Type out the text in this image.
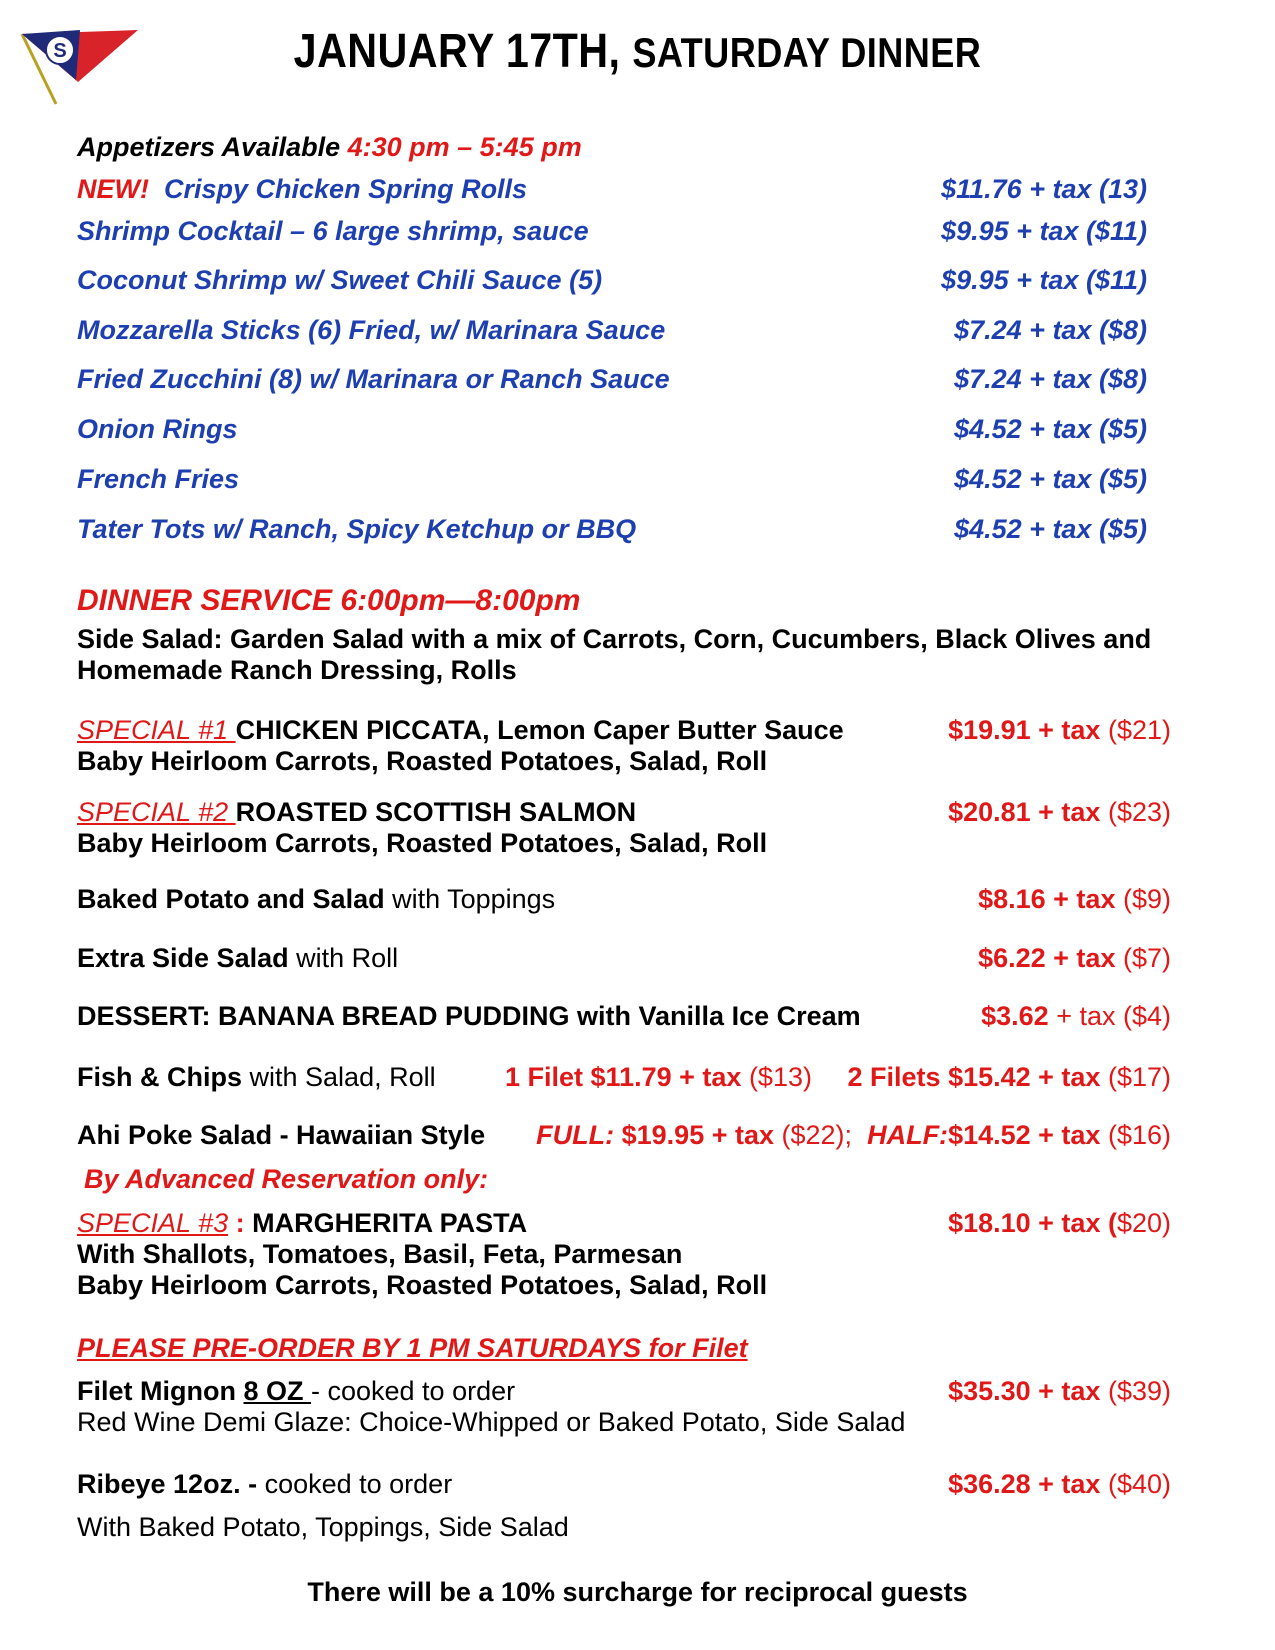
S	JANUARY 17TH, SATURDAY DINNER
Appetizers Available 4:30 pm – 5:45 pm
NEW! Crispy Chicken Spring Rolls	$11.76 + tax (13)
Shrimp Cocktail – 6 large shrimp, sauce	$9.95 + tax ($11)
Coconut Shrimp w/ Sweet Chili Sauce (5)	$9.95 + tax ($11)
Mozzarella Sticks (6) Fried, w/ Marinara Sauce	$7.24 + tax ($8)
Fried Zucchini (8) w/ Marinara or Ranch Sauce	$7.24 + tax ($8)
Onion Rings	$4.52 + tax ($5)
French Fries	$4.52 + tax ($5)
Tater Tots w/ Ranch, Spicy Ketchup or BBQ	$4.52 + tax ($5)
DINNER SERVICE 6:00pm—8:00pm
Side Salad: Garden Salad with a mix of Carrots, Corn, Cucumbers, Black Olives and
Homemade Ranch Dressing, Rolls
SPECIAL #1 CHICKEN PICCATA, Lemon Caper Butter Sauce	$19.91 + tax ($21)
Baby Heirloom Carrots, Roasted Potatoes, Salad, Roll
SPECIAL #2 ROASTED SCOTTISH SALMON	$20.81 + tax ($23)
Baby Heirloom Carrots, Roasted Potatoes, Salad, Roll
Baked Potato and Salad with Toppings	$8.16 + tax ($9)
Extra Side Salad with Roll	$6.22 + tax ($7)
DESSERT: BANANA BREAD PUDDING with Vanilla Ice Cream	$3.62 + tax ($4)
Fish & Chips with Salad, Roll	1 Filet $11.79 + tax ($13) 2 Filets $15.42 + tax ($17)
Ahi Poke Salad - Hawaiian Style FULL: $19.95 + tax ($22); HALF:$14.52 + tax ($16)
By Advanced Reservation only:
SPECIAL #3 : MARGHERITA PASTA	$18.10 + tax ($20)
With Shallots, Tomatoes, Basil, Feta, Parmesan
Baby Heirloom Carrots, Roasted Potatoes, Salad, Roll
PLEASE PRE-ORDER BY 1 PM SATURDAYS for Filet
Filet Mignon 8 OZ - cooked to order	$35.30 + tax ($39)
Red Wine Demi Glaze: Choice-Whipped or Baked Potato, Side Salad
Ribeye 12oz. - cooked to order	$36.28 + tax ($40)
With Baked Potato, Toppings, Side Salad
There will be a 10% surcharge for reciprocal guests
